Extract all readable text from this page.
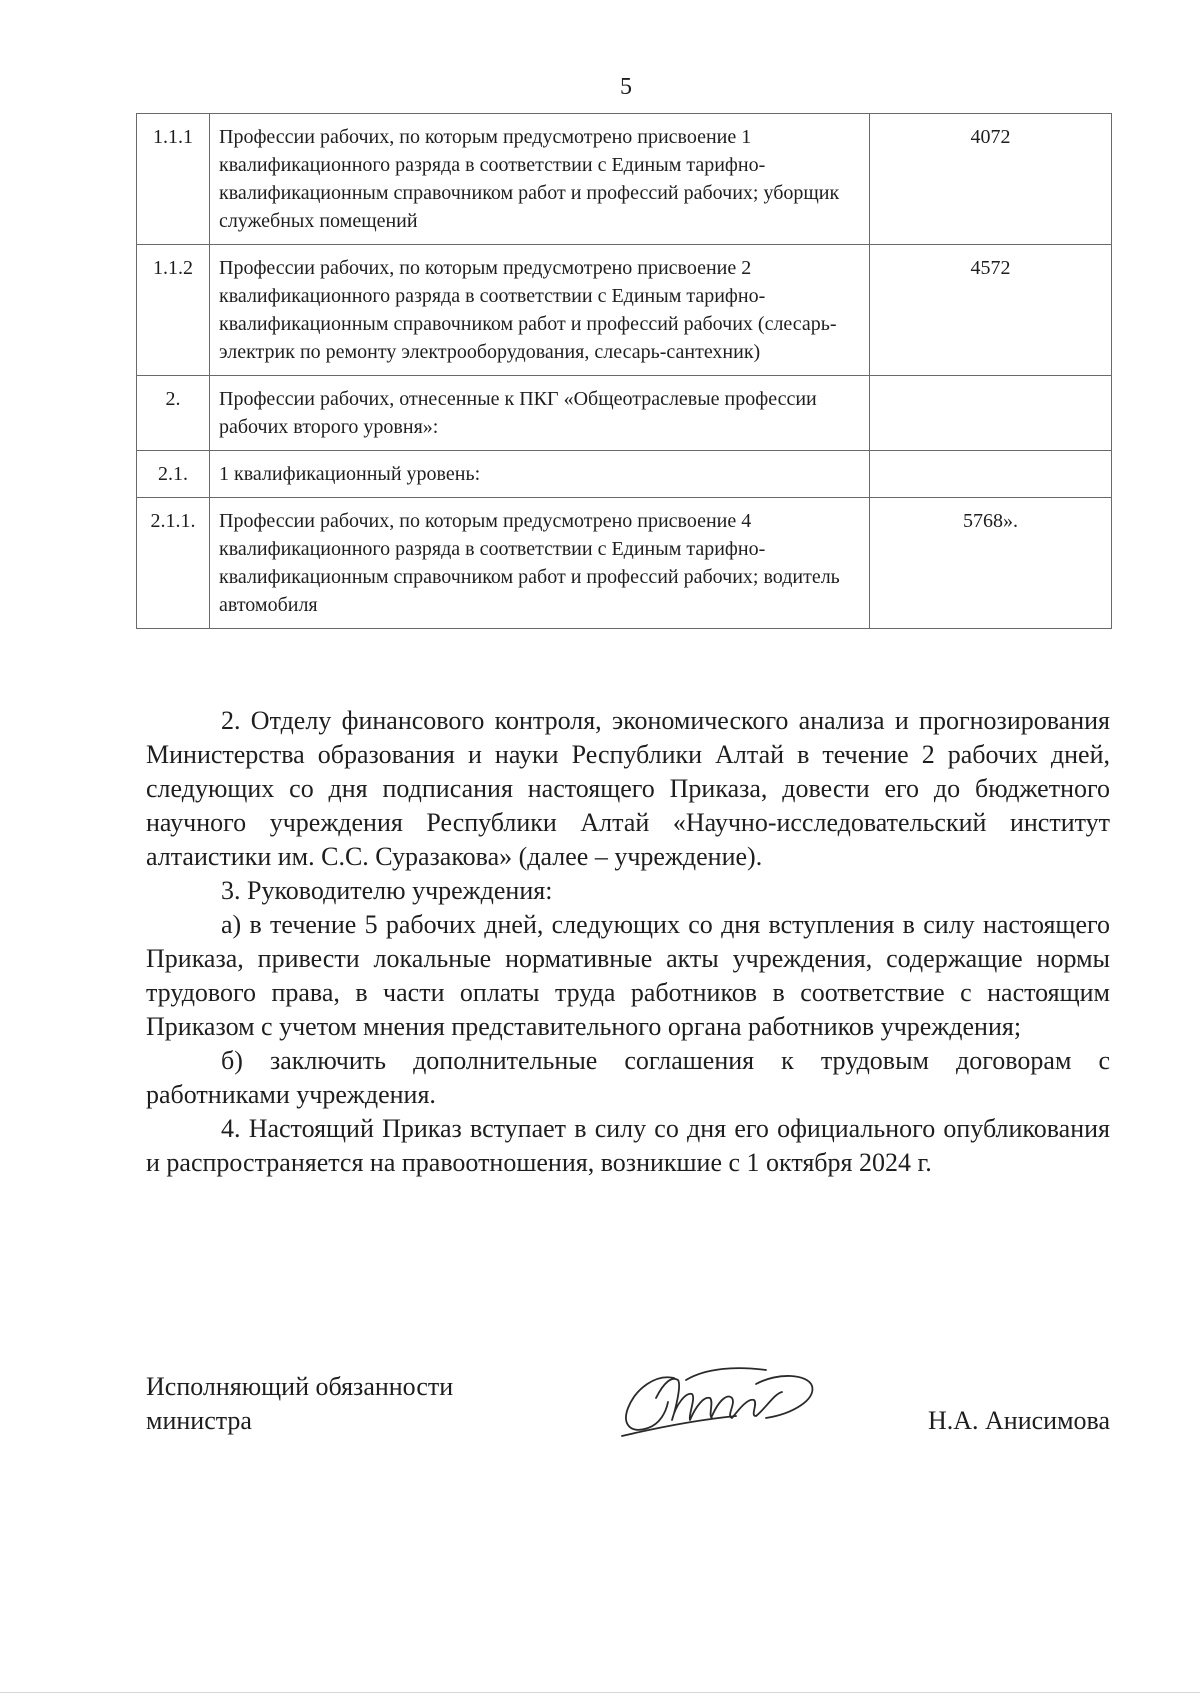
5
1.1.1	Профессии рабочих, по которым предусмотрено присвоение 1 квалификационного разряда в соответствии с Единым тарифно-квалификационным справочником работ и профессий рабочих; уборщик служебных помещений	4072
1.1.2	Профессии рабочих, по которым предусмотрено присвоение 2 квалификационного разряда в соответствии с Единым тарифно-квалификационным справочником работ и профессий рабочих (слесарь-электрик по ремонту электрооборудования, слесарь-сантехник)	4572
2.	Профессии рабочих, отнесенные к ПКГ «Общеотраслевые профессии рабочих второго уровня»:	
2.1.	1 квалификационный уровень:	
2.1.1.	Профессии рабочих, по которым предусмотрено присвоение 4 квалификационного разряда в соответствии с Единым тарифно-квалификационным справочником работ и профессий рабочих; водитель автомобиля	5768».

2. Отделу финансового контроля, экономического анализа и прогнозирования Министерства образования и науки Республики Алтай в течение 2 рабочих дней, следующих со дня подписания настоящего Приказа, довести его до бюджетного научного учреждения Республики Алтай «Научно-исследовательский институт алтаистики им. С.С. Суразакова» (далее – учреждение).

3. Руководителю учреждения:

а) в течение 5 рабочих дней, следующих со дня вступления в силу настоящего Приказа, привести локальные нормативные акты учреждения, содержащие нормы трудового права, в части оплаты труда работников в соответствие с настоящим Приказом с учетом мнения представительного органа работников учреждения;

б) заключить дополнительные соглашения к трудовым договорам с работниками учреждения.

4. Настоящий Приказ вступает в силу со дня его официального опубликования и распространяется на правоотношения, возникшие с 1 октября 2024 г.

Исполняющий обязанности
министра	Н.А. Анисимова
